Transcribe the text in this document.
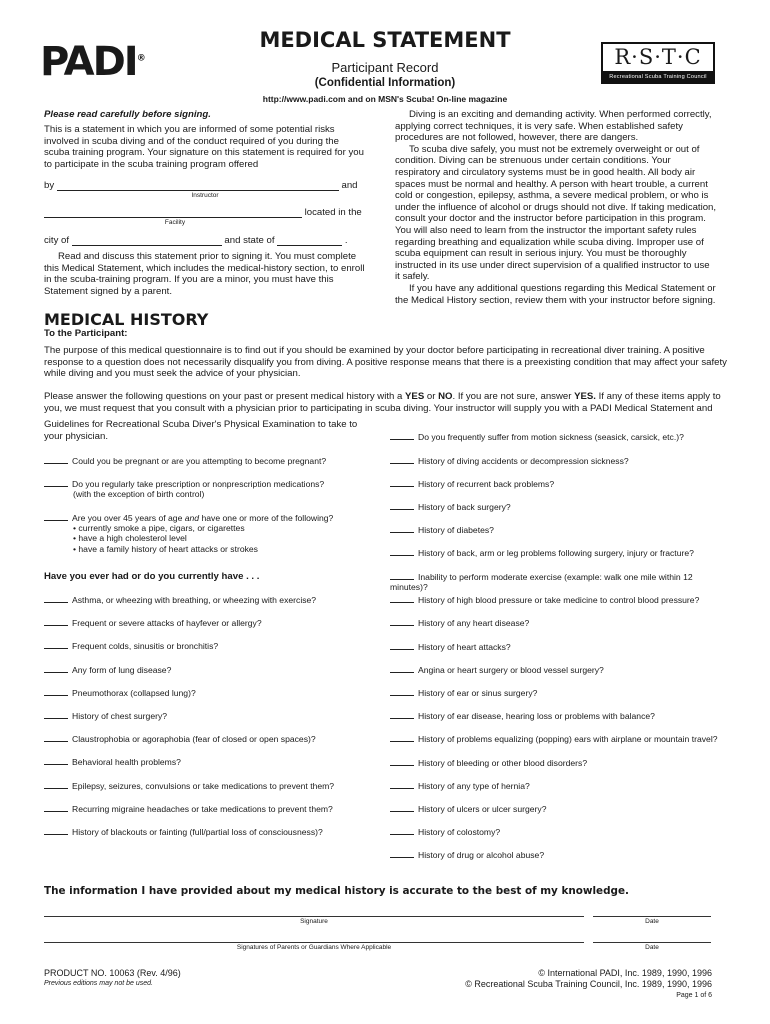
PADI®
MEDICAL STATEMENT
Participant Record
(Confidential Information)
http://www.padi.com and on MSN's Scuba! On-line magazine
R·S·T·C
Recreational Scuba Training Council
Please read carefully before signing.
This is a statement in which you are informed of some potential risks involved in scuba diving and of the conduct required of you during the scuba training program. Your signature on this statement is required for you to participate in the scuba training program offered
by	and
Instructor
located in the
Facility
city of	and state of	.
Read and discuss this statement prior to signing it. You must complete this Medical Statement, which includes the medical-history section, to enroll in the scuba-training program. If you are a minor, you must have this Statement signed by a parent.
Diving is an exciting and demanding activity. When performed correctly, applying correct techniques, it is very safe. When established safety procedures are not followed, however, there are dangers.
To scuba dive safely, you must not be extremely overweight or out of condition. Diving can be strenuous under certain conditions. Your respiratory and circulatory systems must be in good health. All body air spaces must be normal and healthy. A person with heart trouble, a current cold or congestion, epilepsy, asthma, a severe medical problem, or who is under the influence of alcohol or drugs should not dive. If taking medication, consult your doctor and the instructor before participation in this program. You will also need to learn from the instructor the important safety rules regarding breathing and equalization while scuba diving. Improper use of scuba equipment can result in serious injury. You must be thoroughly instructed in its use under direct supervision of a qualified instructor to use it safely.
If you have any additional questions regarding this Medical Statement or the Medical History section, review them with your instructor before signing.
MEDICAL HISTORY
To the Participant:
The purpose of this medical questionnaire is to find out if you should be examined by your doctor before participating in recreational diver training. A positive response to a question does not necessarily disqualify you from diving. A positive response means that there is a preexisting condition that may affect your safety while diving and you must seek the advice of your physician.
Please answer the following questions on your past or present medical history with a YES or NO. If you are not sure, answer YES. If any of these items apply to you, we must request that you consult with a physician prior to participating in scuba diving. Your instructor will supply you with a PADI Medical Statement and
Guidelines for Recreational Scuba Diver's Physical Examination to take to your physician.
Could you be pregnant or are you attempting to become pregnant?
Do you regularly take prescription or nonprescription medications?
(with the exception of birth control)
Are you over 45 years of age and have one or more of the following?
• currently smoke a pipe, cigars, or cigarettes
• have a high cholesterol level
• have a family history of heart attacks or strokes
Have you ever had or do you currently have . . .
Asthma, or wheezing with breathing, or wheezing with exercise?
Frequent or severe attacks of hayfever or allergy?
Frequent colds, sinusitis or bronchitis?
Any form of lung disease?
Pneumothorax (collapsed lung)?
History of chest surgery?
Claustrophobia or agoraphobia (fear of closed or open spaces)?
Behavioral health problems?
Epilepsy, seizures, convulsions or take medications to prevent them?
Recurring migraine headaches or take medications to prevent them?
History of blackouts or fainting (full/partial loss of consciousness)?
Do you frequently suffer from motion sickness (seasick, carsick, etc.)?
History of diving accidents or decompression sickness?
History of recurrent back problems?
History of back surgery?
History of diabetes?
History of back, arm or leg problems following surgery, injury or fracture?
Inability to perform moderate exercise (example: walk one mile within 12 minutes)?
History of high blood pressure or take medicine to control blood pressure?
History of any heart disease?
History of heart attacks?
Angina or heart surgery or blood vessel surgery?
History of ear or sinus surgery?
History of ear disease, hearing loss or problems with balance?
History of problems equalizing (popping) ears with airplane or mountain travel?
History of bleeding or other blood disorders?
History of any type of hernia?
History of ulcers or ulcer surgery?
History of colostomy?
History of drug or alcohol abuse?
The information I have provided about my medical history is accurate to the best of my knowledge.
Signature	Date
Signatures of Parents or Guardians Where Applicable	Date
PRODUCT NO. 10063 (Rev. 4/96)
Previous editions may not be used.
© International PADI, Inc. 1989, 1990, 1996
© Recreational Scuba Training Council, Inc. 1989, 1990, 1996
Page 1 of 6
